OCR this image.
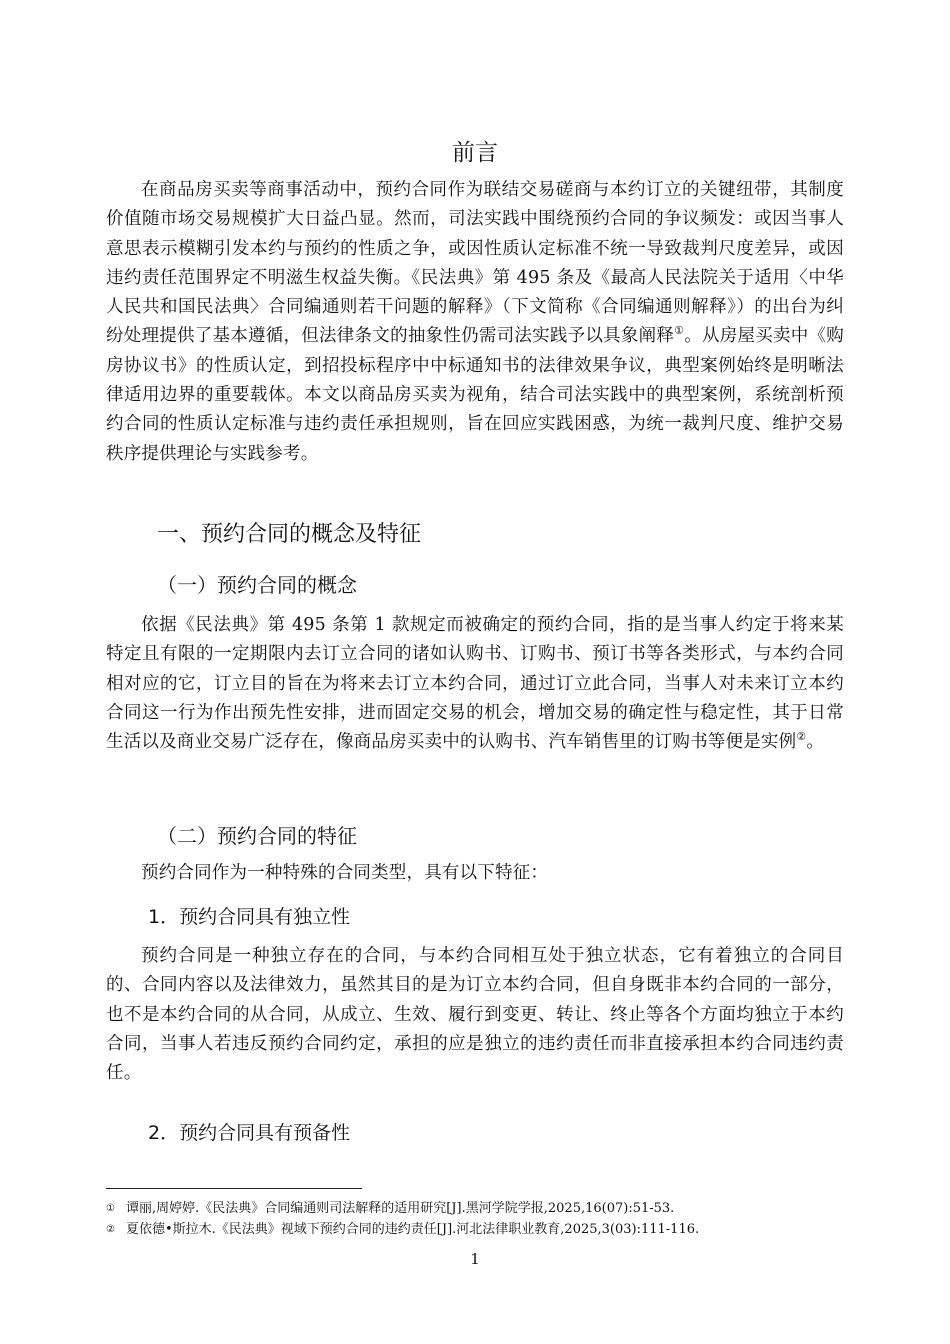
前言

在商品房买卖等商事活动中，预约合同作为联结交易磋商与本约订立的关键纽带，其制度价值随市场交易规模扩大日益凸显。然而，司法实践中围绕预约合同的争议频发：或因当事人意思表示模糊引发本约与预约的性质之争，或因性质认定标准不统一导致裁判尺度差异，或因违约责任范围界定不明滋生权益失衡。《民法典》第 495 条及《最高人民法院关于适用〈中华人民共和国民法典〉合同编通则若干问题的解释》（下文简称《合同编通则解释》）的出台为纠纷处理提供了基本遵循，但法律条文的抽象性仍需司法实践予以具象阐释①。从房屋买卖中《购房协议书》的性质认定，到招投标程序中中标通知书的法律效果争议，典型案例始终是明晰法律适用边界的重要载体。本文以商品房买卖为视角，结合司法实践中的典型案例，系统剖析预约合同的性质认定标准与违约责任承担规则，旨在回应实践困惑，为统一裁判尺度、维护交易秩序提供理论与实践参考。

一、预约合同的概念及特征
（一）预约合同的概念

依据《民法典》第 495 条第 1 款规定而被确定的预约合同，指的是当事人约定于将来某特定且有限的一定期限内去订立合同的诸如认购书、订购书、预订书等各类形式，与本约合同相对应的它，订立目的旨在为将来去订立本约合同，通过订立此合同，当事人对未来订立本约合同这一行为作出预先性安排，进而固定交易的机会，增加交易的确定性与稳定性，其于日常生活以及商业交易广泛存在，像商品房买卖中的认购书、汽车销售里的订购书等便是实例②。

（二）预约合同的特征

预约合同作为一种特殊的合同类型，具有以下特征：

1．预约合同具有独立性

预约合同是一种独立存在的合同，与本约合同相互处于独立状态，它有着独立的合同目的、合同内容以及法律效力，虽然其目的是为订立本约合同，但自身既非本约合同的一部分，也不是本约合同的从合同，从成立、生效、履行到变更、转让、终止等各个方面均独立于本约合同，当事人若违反预约合同约定，承担的应是独立的违约责任而非直接承担本约合同违约责任。

2．预约合同具有预备性
① 谭丽,周婷婷.《民法典》合同编通则司法解释的适用研究[J].黑河学院学报,2025,16(07):51-53.
② 夏依德•斯拉木.《民法典》视域下预约合同的违约责任[J].河北法律职业教育,2025,3(03):111-116.
1
